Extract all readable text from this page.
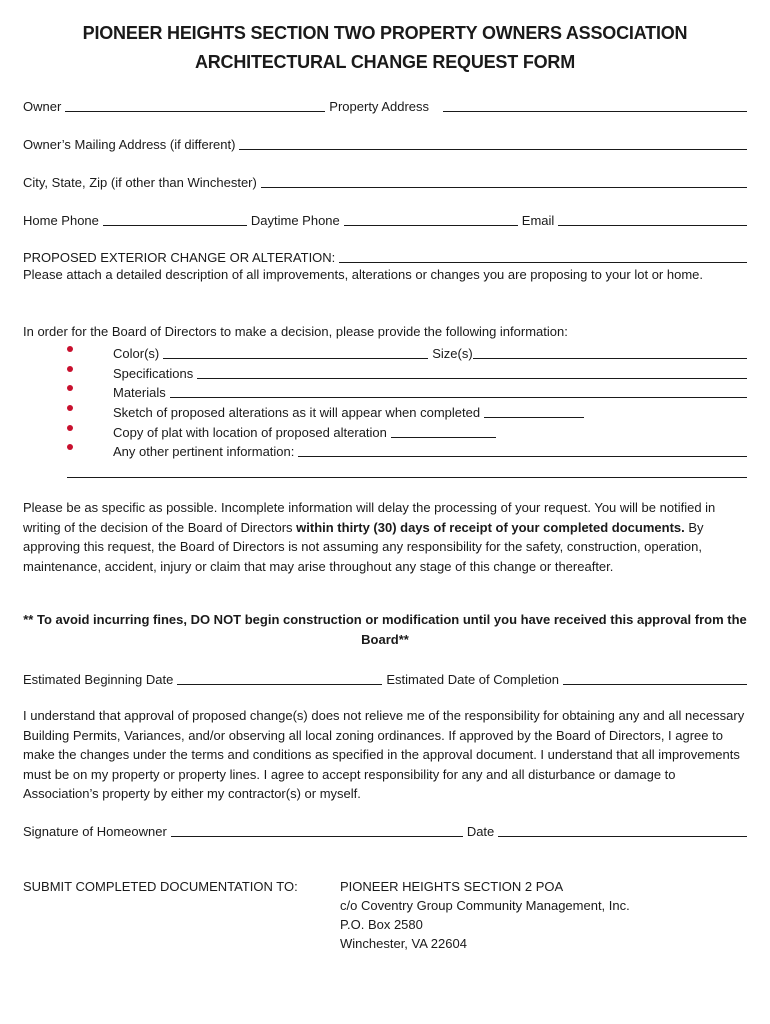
PIONEER HEIGHTS SECTION TWO PROPERTY OWNERS ASSOCIATION
ARCHITECTURAL CHANGE REQUEST FORM
Owner	Property Address
Owner’s Mailing Address (if different)
City, State, Zip (if other than Winchester)
Home Phone	Daytime Phone	Email
PROPOSED EXTERIOR CHANGE OR ALTERATION:
Please attach a detailed description of all improvements, alterations or changes you are proposing to your lot or home.
In order for the Board of Directors to make a decision, please provide the following information:
Color(s)	Size(s)
Specifications
Materials
Sketch of proposed alterations as it will appear when completed
Copy of plat with location of proposed alteration
Any other pertinent information:
Please be as specific as possible. Incomplete information will delay the processing of your request. You will be notified in writing of the decision of the Board of Directors within thirty (30) days of receipt of your completed documents. By approving this request, the Board of Directors is not assuming any responsibility for the safety, construction, operation, maintenance, accident, injury or claim that may arise throughout any stage of this change or thereafter.
** To avoid incurring fines, DO NOT begin construction or modification until you have received this approval from the Board**
Estimated Beginning Date	Estimated Date of Completion
I understand that approval of proposed change(s) does not relieve me of the responsibility for obtaining any and all necessary Building Permits, Variances, and/or observing all local zoning ordinances. If approved by the Board of Directors, I agree to make the changes under the terms and conditions as specified in the approval document. I understand that all improvements must be on my property or property lines. I agree to accept responsibility for any and all disturbance or damage to Association’s property by either my contractor(s) or myself.
Signature of Homeowner	Date
SUBMIT COMPLETED DOCUMENTATION TO:	PIONEER HEIGHTS SECTION 2 POA
c/o Coventry Group Community Management, Inc.
P.O. Box 2580
Winchester, VA 22604
